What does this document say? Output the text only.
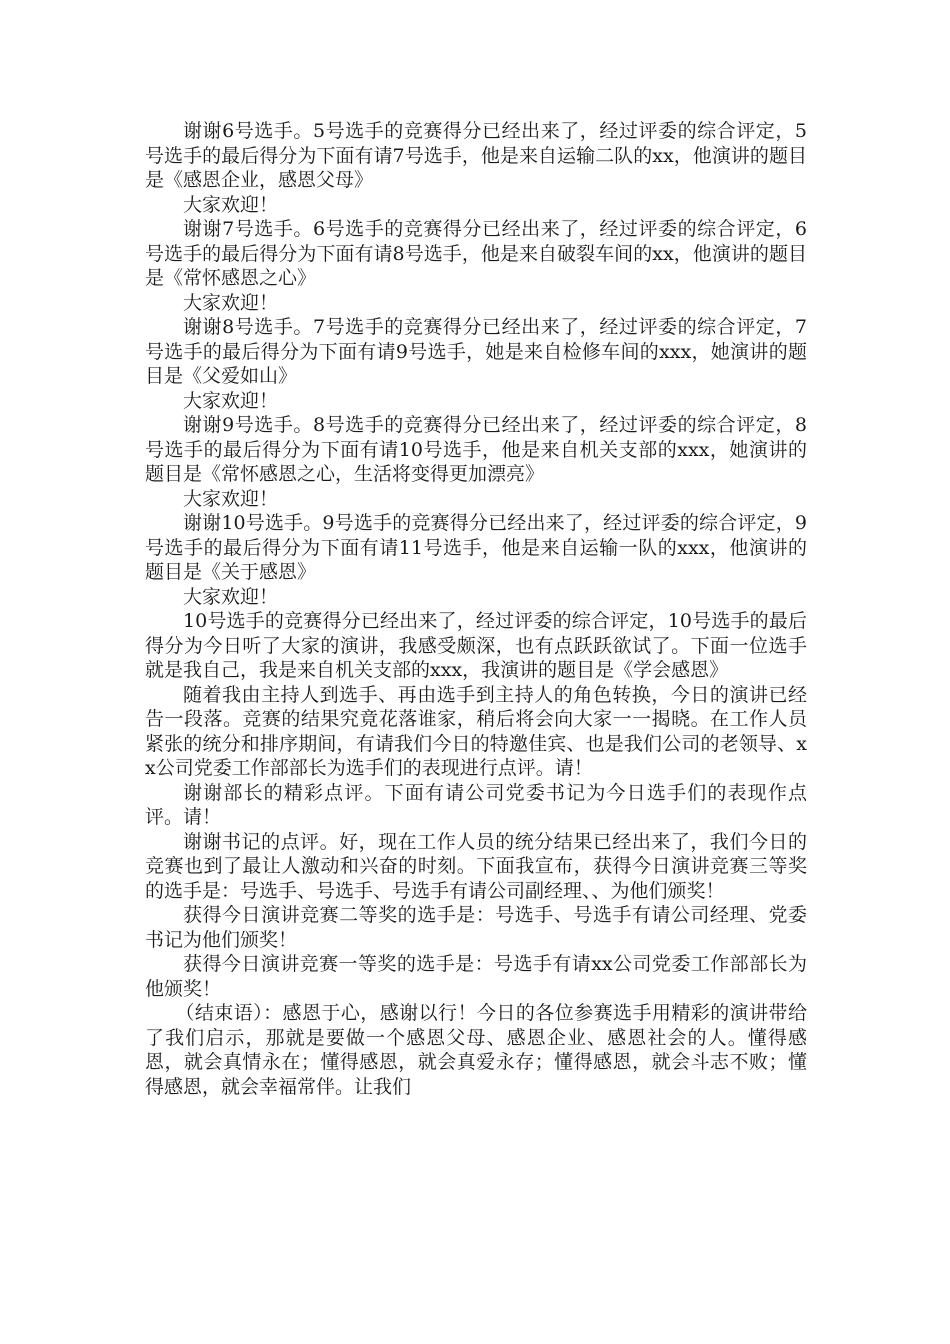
谢谢6号选手。5号选手的竞赛得分已经出来了，经过评委的综合评定，5号选手的最后得分为下面有请7号选手，他是来自运输二队的xx，他演讲的题目是《感恩企业，感恩父母》

大家欢迎！

谢谢7号选手。6号选手的竞赛得分已经出来了，经过评委的综合评定，6号选手的最后得分为下面有请8号选手，他是来自破裂车间的xx，他演讲的题目是《常怀感恩之心》

大家欢迎！

谢谢8号选手。7号选手的竞赛得分已经出来了，经过评委的综合评定，7号选手的最后得分为下面有请9号选手，她是来自检修车间的xxx，她演讲的题目是《父爱如山》

大家欢迎！

谢谢9号选手。8号选手的竞赛得分已经出来了，经过评委的综合评定，8号选手的最后得分为下面有请10号选手，他是来自机关支部的xxx，她演讲的题目是《常怀感恩之心，生活将变得更加漂亮》

大家欢迎！

谢谢10号选手。9号选手的竞赛得分已经出来了，经过评委的综合评定，9号选手的最后得分为下面有请11号选手，他是来自运输一队的xxx，他演讲的题目是《关于感恩》

大家欢迎！

10号选手的竞赛得分已经出来了，经过评委的综合评定，10号选手的最后得分为今日听了大家的演讲，我感受颇深，也有点跃跃欲试了。下面一位选手就是我自己，我是来自机关支部的xxx，我演讲的题目是《学会感恩》

随着我由主持人到选手、再由选手到主持人的角色转换，今日的演讲已经告一段落。竞赛的结果究竟花落谁家，稍后将会向大家一一揭晓。在工作人员紧张的统分和排序期间，有请我们今日的特邀佳宾、也是我们公司的老领导、xx公司党委工作部部长为选手们的表现进行点评。请！

谢谢部长的精彩点评。下面有请公司党委书记为今日选手们的表现作点评。请！

谢谢书记的点评。好，现在工作人员的统分结果已经出来了，我们今日的竞赛也到了最让人激动和兴奋的时刻。下面我宣布，获得今日演讲竞赛三等奖的选手是：号选手、号选手、号选手有请公司副经理、、为他们颁奖！

获得今日演讲竞赛二等奖的选手是：号选手、号选手有请公司经理、党委书记为他们颁奖！

获得今日演讲竞赛一等奖的选手是：号选手有请xx公司党委工作部部长为他颁奖！

（结束语）：感恩于心，感谢以行！今日的各位参赛选手用精彩的演讲带给了我们启示，那就是要做一个感恩父母、感恩企业、感恩社会的人。懂得感恩，就会真情永在；懂得感恩，就会真爱永存；懂得感恩，就会斗志不败；懂得感恩，就会幸福常伴。让我们
